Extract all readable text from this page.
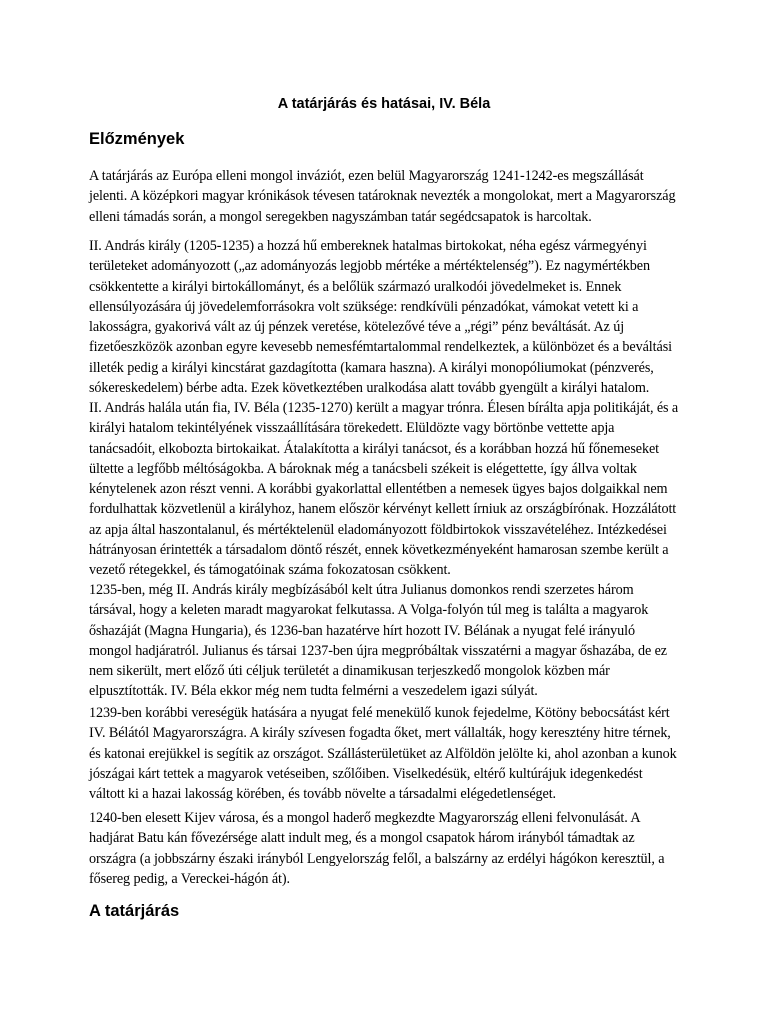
A tatárjárás és hatásai, IV. Béla
Előzmények

A tatárjárás az Európa elleni mongol inváziót, ezen belül Magyarország 1241-1242-es megszállását jelenti. A középkori magyar krónikások tévesen tatároknak nevezték a mongolokat, mert a Magyarország elleni támadás során, a mongol seregekben nagyszámban tatár segédcsapatok is harcoltak.

II. András király (1205-1235) a hozzá hű embereknek hatalmas birtokokat, néha egész vármegyényi területeket adományozott („az adományozás legjobb mértéke a mértéktelenség”). Ez nagymértékben csökkentette a királyi birtokállományt, és a belőlük származó uralkodói jövedelmeket is. Ennek ellensúlyozására új jövedelemforrásokra volt szüksége: rendkívüli pénzadókat, vámokat vetett ki a lakosságra, gyakorivá vált az új pénzek veretése, kötelezővé téve a „régi” pénz beváltását. Az új fizetőeszközök azonban egyre kevesebb nemesfémtartalommal rendelkeztek, a különbözet és a beváltási illeték pedig a királyi kincstárat gazdagította (kamara haszna). A királyi monopóliumokat (pénzverés, sókereskedelem) bérbe adta. Ezek következtében uralkodása alatt tovább gyengült a királyi hatalom.

II. András halála után fia, IV. Béla (1235-1270) került a magyar trónra. Élesen bírálta apja politikáját, és a királyi hatalom tekintélyének visszaállítására törekedett. Elüldözte vagy börtönbe vettette apja tanácsadóit, elkobozta birtokaikat. Átalakította a királyi tanácsot, és a korábban hozzá hű főnemeseket ültette a legfőbb méltóságokba. A bároknak még a tanácsbeli székeit is elégettette, így állva voltak kénytelenek azon részt venni. A korábbi gyakorlattal ellentétben a nemesek ügyes bajos dolgaikkal nem fordulhattak közvetlenül a királyhoz, hanem először kérvényt kellett írniuk az országbírónak. Hozzálátott az apja által haszontalanul, és mértéktelenül eladományozott földbirtokok visszavételéhez. Intézkedései hátrányosan érintették a társadalom döntő részét, ennek következményeként hamarosan szembe került a vezető rétegekkel, és támogatóinak száma fokozatosan csökkent.

1235-ben, még II. András király megbízásából kelt útra Julianus domonkos rendi szerzetes három társával, hogy a keleten maradt magyarokat felkutassa. A Volga-folyón túl meg is találta a magyarok őshazáját (Magna Hungaria), és 1236-ban hazatérve hírt hozott IV. Bélának a nyugat felé irányuló mongol hadjáratról. Julianus és társai 1237-ben újra megpróbáltak visszatérni a magyar őshazába, de ez nem sikerült, mert előző úti céljuk területét a dinamikusan terjeszkedő mongolok közben már elpusztították. IV. Béla ekkor még nem tudta felmérni a veszedelem igazi súlyát.

1239-ben korábbi vereségük hatására a nyugat felé menekülő kunok fejedelme, Kötöny bebocsátást kért IV. Bélától Magyarországra. A király szívesen fogadta őket, mert vállalták, hogy keresztény hitre térnek, és katonai erejükkel is segítik az országot. Szállásterületüket az Alföldön jelölte ki, ahol azonban a kunok jószágai kárt tettek a magyarok vetéseiben, szőlőiben. Viselkedésük, eltérő kultúrájuk idegenkedést váltott ki a hazai lakosság körében, és tovább növelte a társadalmi elégedetlenséget.

1240-ben elesett Kijev városa, és a mongol haderő megkezdte Magyarország elleni felvonulását. A hadjárat Batu kán fővezérsége alatt indult meg, és a mongol csapatok három irányból támadtak az országra (a jobbszárny északi irányból Lengyelország felől, a balszárny az erdélyi hágókon keresztül, a fősereg pedig, a Vereckei-hágón át).

A tatárjárás
